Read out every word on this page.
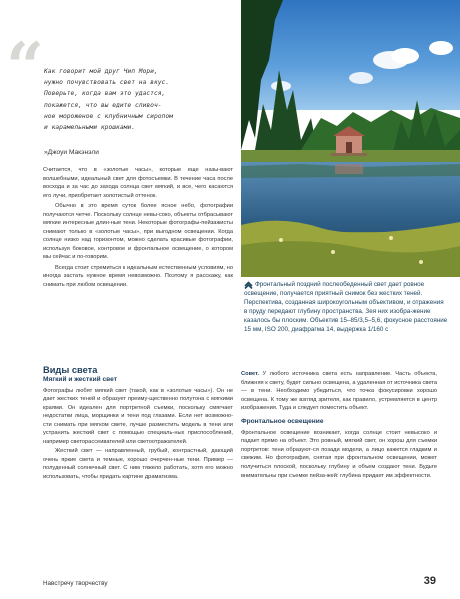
“ Как говорит мой друг Чип Мори,
нужно почувствовать свет на вкус.
Поверьте, когда вам это удастся,
покажется, что вы едите сливоч-
ное мороженое с клубничным сиропом
и карамельными крошками.
»Джоуи Макэнэли

Считается, что в «золотые часы», которые еще назы-вают волшебными, идеальный свет для фотосъемки. В течение часа после восхода и за час до захода солнца свет мягкий, и все, чего касаются его лучи, приобретает золотистый оттенок.

Обычно в это время суток более ясное небо, фотографии получаются четче. Поскольку солнце невы-соко, объекты отбрасывают мягкие интересные длин-ные тени. Некоторые фотографы-пейзажисты снимают только в «золотые часы», при выгодном освещении. Когда солнце низко над горизонтом, можно сделать красивые фотографии, используя боковое, контровое и фронтальное освещение, о котором мы сейчас и по-говорим.

Всегда стоит стремиться к идеальным естественным условиям, но иногда застать нужное время невозможно. Поэтому я расскажу, как снимать при любом освещении.	Фронтальный поздний послеобеденный свет дает ровное освещение, получается приятный снимок без жестких теней. Перспектива, созданная широкоугольным объективом, и отражения в пруду передают глубину пространства. Зея них изобра-жение казалось бы плоским. Объектив 15–85/3,5–5,6, фокусное расстояние 15 мм, ISO 200, диафрагма 14, выдержка 1/160 с
Виды света
Мягкий и жесткий свет

Фотографы любят мягкий свет (такой, как в «золотые часы»). Он не дает жестких теней и образует преиму-щественно полутона с мягкими краями. Он идеален для портретной съемки, поскольку смягчает недостатки лица, морщинки и тени под глазами. Если нет возможно-сти снимать при мягком свете, лучше разместить модель в тени или устранить жесткий свет с помощью специаль-ных приспособлений, например светорассеивателей или светоотражателей.

Жесткий свет — направленный, грубый, контрастный, дающий очень яркие света и темные, хорошо очерчен-ные тени. Пример — полуденный солнечный свет. С ним тяжело работать, хотя его можно использовать, чтобы придать картине драматизма.

Совет. У любого источника света есть направление. Часть объекта, ближняя к свету, будет сильно освещена, а удаленная от источника света — в тени. Необходимо убедиться, что точка фокусировки хорошо освещена. К тому же взгляд зрителя, как правило, устремляется в центр изображения. Туда и следует поместить объект.

Фронтальное освещение

Фронтальное освещение возникает, когда солнце стоит невысоко и падает прямо на объект. Это ровный, мягкий свет, он хорош для съемки портретов: тени образуют-ся позади модели, а лицо кажется гладким и свежим. Но фотография, снятая при фронтальном освещении, может получиться плоской, поскольку глубину и объем создают тени. Будьте внимательны при съемке пейза-жей: глубина придает им эффектности.

Навстречу творчеству	39
